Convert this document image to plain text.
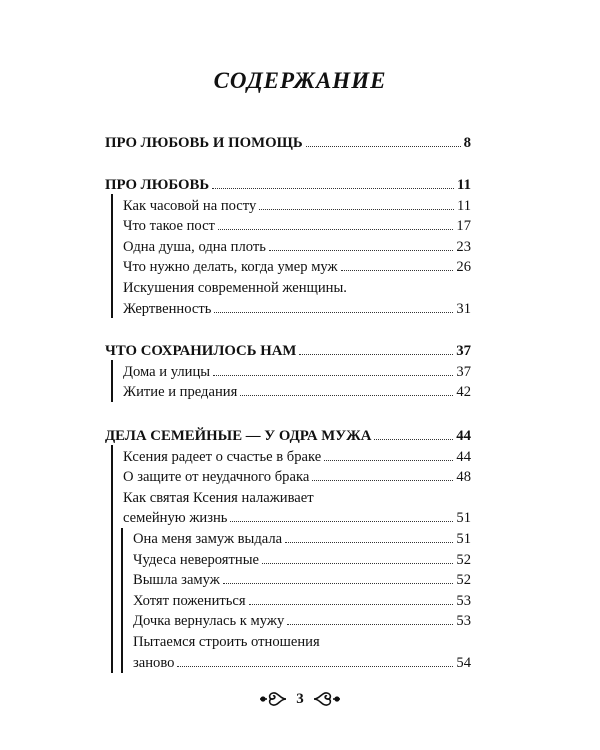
СОДЕРЖАНИЕ
ПРО ЛЮБОВЬ И ПОМОЩЬ	8
ПРО ЛЮБОВЬ	11
Как часовой на посту	11
Что такое пост	17
Одна душа, одна плоть	23
Что нужно делать, когда умер муж	26
Искушения современной женщины.
Жертвенность	31
ЧТО СОХРАНИЛОСЬ НАМ	37
Дома и улицы	37
Житие и предания	42
ДЕЛА СЕМЕЙНЫЕ — У ОДРА МУЖА	44
Ксения радеет о счастье в браке	44
О защите от неудачного брака	48
Как святая Ксения налаживает
семейную жизнь	51
Она меня замуж выдала	51
Чудеса невероятные	52
Вышла замуж	52
Хотят пожениться	53
Дочка вернулась к мужу	53
Пытаемся строить отношения
заново	54
3
